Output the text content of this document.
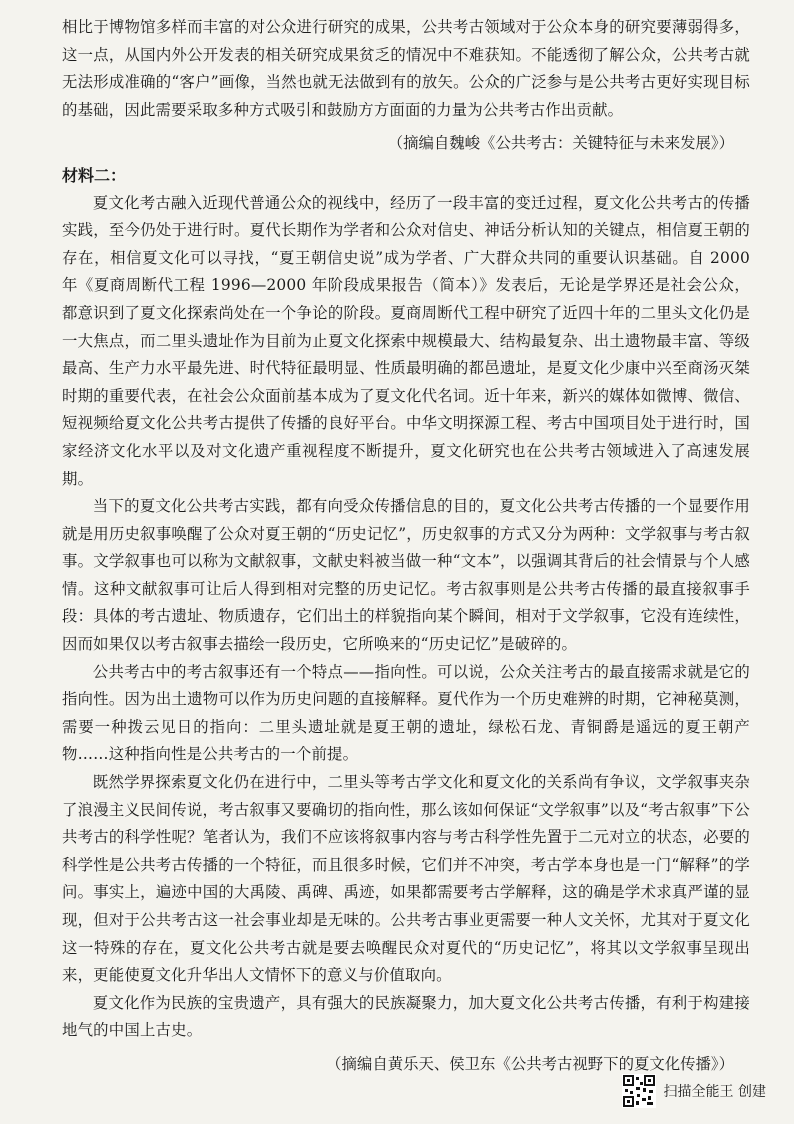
相比于博物馆多样而丰富的对公众进行研究的成果，公共考古领域对于公众本身的研究要薄弱得多，这一点，从国内外公开发表的相关研究成果贫乏的情况中不难获知。不能透彻了解公众，公共考古就无法形成准确的“客户”画像，当然也就无法做到有的放矢。公众的广泛参与是公共考古更好实现目标的基础，因此需要采取多种方式吸引和鼓励方方面面的力量为公共考古作出贡献。

（摘编自魏峻《公共考古：关键特征与未来发展》）
材料二：

夏文化考古融入近现代普通公众的视线中，经历了一段丰富的变迁过程，夏文化公共考古的传播实践，至今仍处于进行时。夏代长期作为学者和公众对信史、神话分析认知的关键点，相信夏王朝的存在，相信夏文化可以寻找，“夏王朝信史说”成为学者、广大群众共同的重要认识基础。自 2000 年《夏商周断代工程 1996—2000 年阶段成果报告（简本）》发表后，无论是学界还是社会公众，都意识到了夏文化探索尚处在一个争论的阶段。夏商周断代工程中研究了近四十年的二里头文化仍是一大焦点，而二里头遗址作为目前为止夏文化探索中规模最大、结构最复杂、出土遗物最丰富、等级最高、生产力水平最先进、时代特征最明显、性质最明确的都邑遗址，是夏文化少康中兴至商汤灭桀时期的重要代表，在社会公众面前基本成为了夏文化代名词。近十年来，新兴的媒体如微博、微信、短视频给夏文化公共考古提供了传播的良好平台。中华文明探源工程、考古中国项目处于进行时，国家经济文化水平以及对文化遗产重视程度不断提升，夏文化研究也在公共考古领域进入了高速发展期。

当下的夏文化公共考古实践，都有向受众传播信息的目的，夏文化公共考古传播的一个显要作用就是用历史叙事唤醒了公众对夏王朝的“历史记忆”，历史叙事的方式又分为两种：文学叙事与考古叙事。文学叙事也可以称为文献叙事，文献史料被当做一种“文本”，以强调其背后的社会情景与个人感情。这种文献叙事可让后人得到相对完整的历史记忆。考古叙事则是公共考古传播的最直接叙事手段：具体的考古遗址、物质遗存，它们出土的样貌指向某个瞬间，相对于文学叙事，它没有连续性，因而如果仅以考古叙事去描绘一段历史，它所唤来的“历史记忆”是破碎的。

公共考古中的考古叙事还有一个特点——指向性。可以说，公众关注考古的最直接需求就是它的指向性。因为出土遗物可以作为历史问题的直接解释。夏代作为一个历史难辨的时期，它神秘莫测，需要一种拨云见日的指向：二里头遗址就是夏王朝的遗址，绿松石龙、青铜爵是遥远的夏王朝产物……这种指向性是公共考古的一个前提。

既然学界探索夏文化仍在进行中，二里头等考古学文化和夏文化的关系尚有争议，文学叙事夹杂了浪漫主义民间传说，考古叙事又要确切的指向性，那么该如何保证“文学叙事”以及“考古叙事”下公共考古的科学性呢？笔者认为，我们不应该将叙事内容与考古科学性先置于二元对立的状态，必要的科学性是公共考古传播的一个特征，而且很多时候，它们并不冲突，考古学本身也是一门“解释”的学问。事实上，遍迹中国的大禹陵、禹碑、禹迹，如果都需要考古学解释，这的确是学术求真严谨的显现，但对于公共考古这一社会事业却是无味的。公共考古事业更需要一种人文关怀，尤其对于夏文化这一特殊的存在，夏文化公共考古就是要去唤醒民众对夏代的“历史记忆”，将其以文学叙事呈现出来，更能使夏文化升华出人文情怀下的意义与价值取向。

夏文化作为民族的宝贵遗产，具有强大的民族凝聚力，加大夏文化公共考古传播，有利于构建接地气的中国上古史。

（摘编自黄乐天、侯卫东《公共考古视野下的夏文化传播》）
扫描全能王 创建
